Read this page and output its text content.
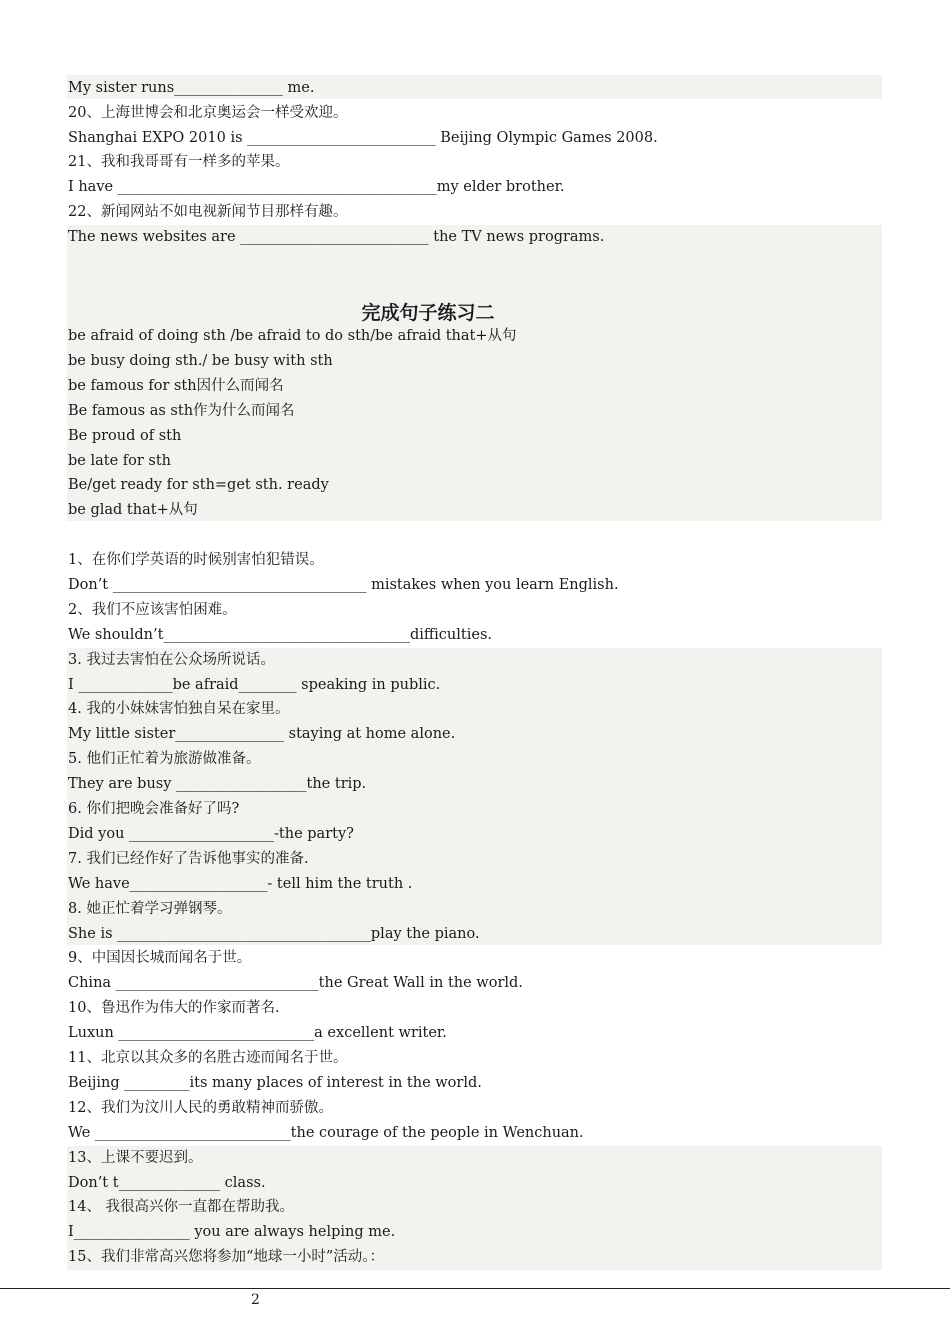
My sister runs_______________ me.
20、上海世博会和北京奥运会一样受欢迎。
Shanghai EXPO 2010 is __________________________ Beijing Olympic Games 2008.
21、我和我哥哥有一样多的苹果。
I have ____________________________________________my elder brother.
22、新闻网站不如电视新闻节目那样有趣。
The news websites are __________________________ the TV news programs.
完成句子练习二
be afraid of doing sth /be afraid to do sth/be afraid that+从句
be busy doing sth./ be busy with sth
be famous for sth因什么而闻名
Be famous as sth作为什么而闻名
Be proud of sth
be late for sth
Be/get ready for sth=get sth. ready
be glad that+从句
1、在你们学英语的时候别害怕犯错误。
Don’t ___________________________________ mistakes when you learn English.
2、我们不应该害怕困难。
We shouldn’t__________________________________difficulties.
3. 我过去害怕在公众场所说话。
I _____________be afraid________ speaking in public.
4. 我的小妹妹害怕独自呆在家里。
My little sister_______________ staying at home alone.
5. 他们正忙着为旅游做准备。
They are busy __________________the trip.
6. 你们把晚会准备好了吗?
Did you ____________________-the party?
7. 我们已经作好了告诉他事实的准备.
We have___________________- tell him the truth .
8. 她正忙着学习弹钢琴。
She is ___________________________________play the piano.
9、中国因长城而闻名于世。
China ____________________________the Great Wall in the world.
10、鲁迅作为伟大的作家而著名.
Luxun ___________________________a excellent writer.
11、北京以其众多的名胜古迹而闻名于世。
Beijing _________its many places of interest in the world.
12、我们为汶川人民的勇敢精神而骄傲。
We ___________________________the courage of the people in Wenchuan.
13、上课不要迟到。
Don’t t______________ class.
14、 我很高兴你一直都在帮助我。
I________________ you are always helping me.
15、我们非常高兴您将参加“地球一小时”活动。：
2
